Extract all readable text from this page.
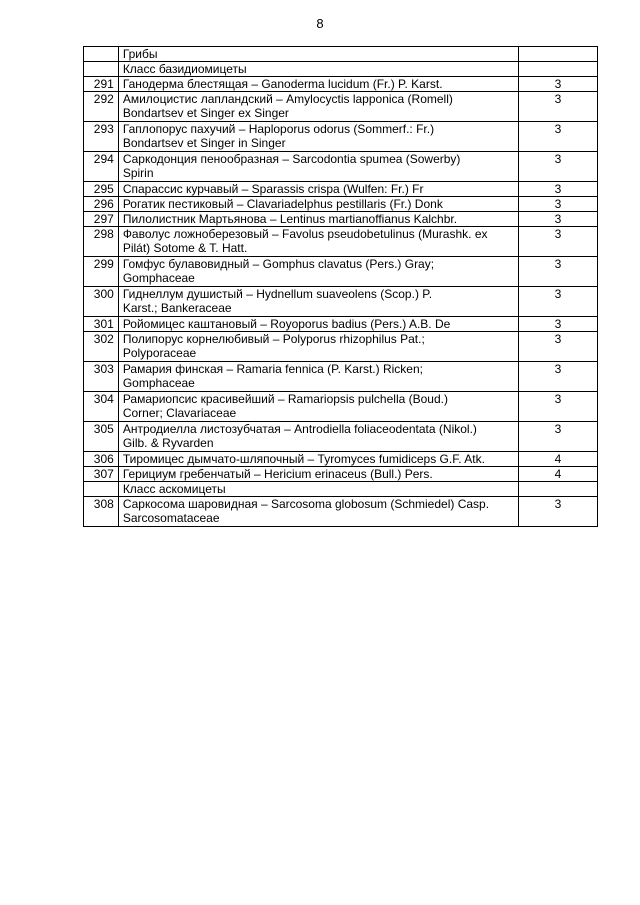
8

	Грибы	

	Класс базидиомицеты	

291	Ганодерма блестящая – Ganoderma lucidum (Fr.) P. Karst.	3
292	Амилоцистис лапландский – Amylocyctis lapponica (Romell)
Bondartsev et Singer ex Singer	3
293	Гаплопорус пахучий – Haploporus odorus (Sommerf.: Fr.)
Bondartsev et Singer in Singer	3
294	Саркодонция пенообразная – Sarcodontia spumea (Sowerby)
Spirin	3
295	Спарассис курчавый – Sparassis crispa (Wulfen: Fr.) Fr	3
296	Рогатик пестиковый – Clavariadelphus pestillaris (Fr.) Donk	3
297	Пилолистник Мартьянова – Lentinus martianoffianus Kalchbr.	3
298	Фаволус ложноберезовый – Favolus pseudobetulinus (Murashk. ex
Pilát) Sotome & T. Hatt.	3
299	Гомфус булавовидный – Gomphus clavatus (Pers.) Gray;
Gomphaceae	3
300	Гиднеллум душистый – Hydnellum suaveolens (Scop.) P.
Karst.; Bankeraceae	3
301	Ройомицес каштановый – Royoporus badius (Pers.) A.B. De	3
302	Полипорус корнелюбивый – Polyporus rhizophilus Pat.;
Polyporaceae	3
303	Рамария финская – Ramaria fennica (P. Karst.) Ricken;
Gomphaceae	3
304	Рамариопсис красивейший – Ramariopsis pulchella (Boud.)
Corner; Clavariaceae	3
305	Антродиелла листозубчатая – Antrodiella foliaceodentata (Nikol.)
Gilb. & Ryvarden	3
306	Тиромицес дымчато-шляпочный – Tyromyces fumidiceps G.F. Atk.	4
307	Герициум гребенчатый – Hericium erinaceus (Bull.) Pers.	4

	Класс аскомицеты	

308	Саркосома шаровидная – Sarcosoma globosum (Schmiedel) Casp.
Sarcosomataceae	3
